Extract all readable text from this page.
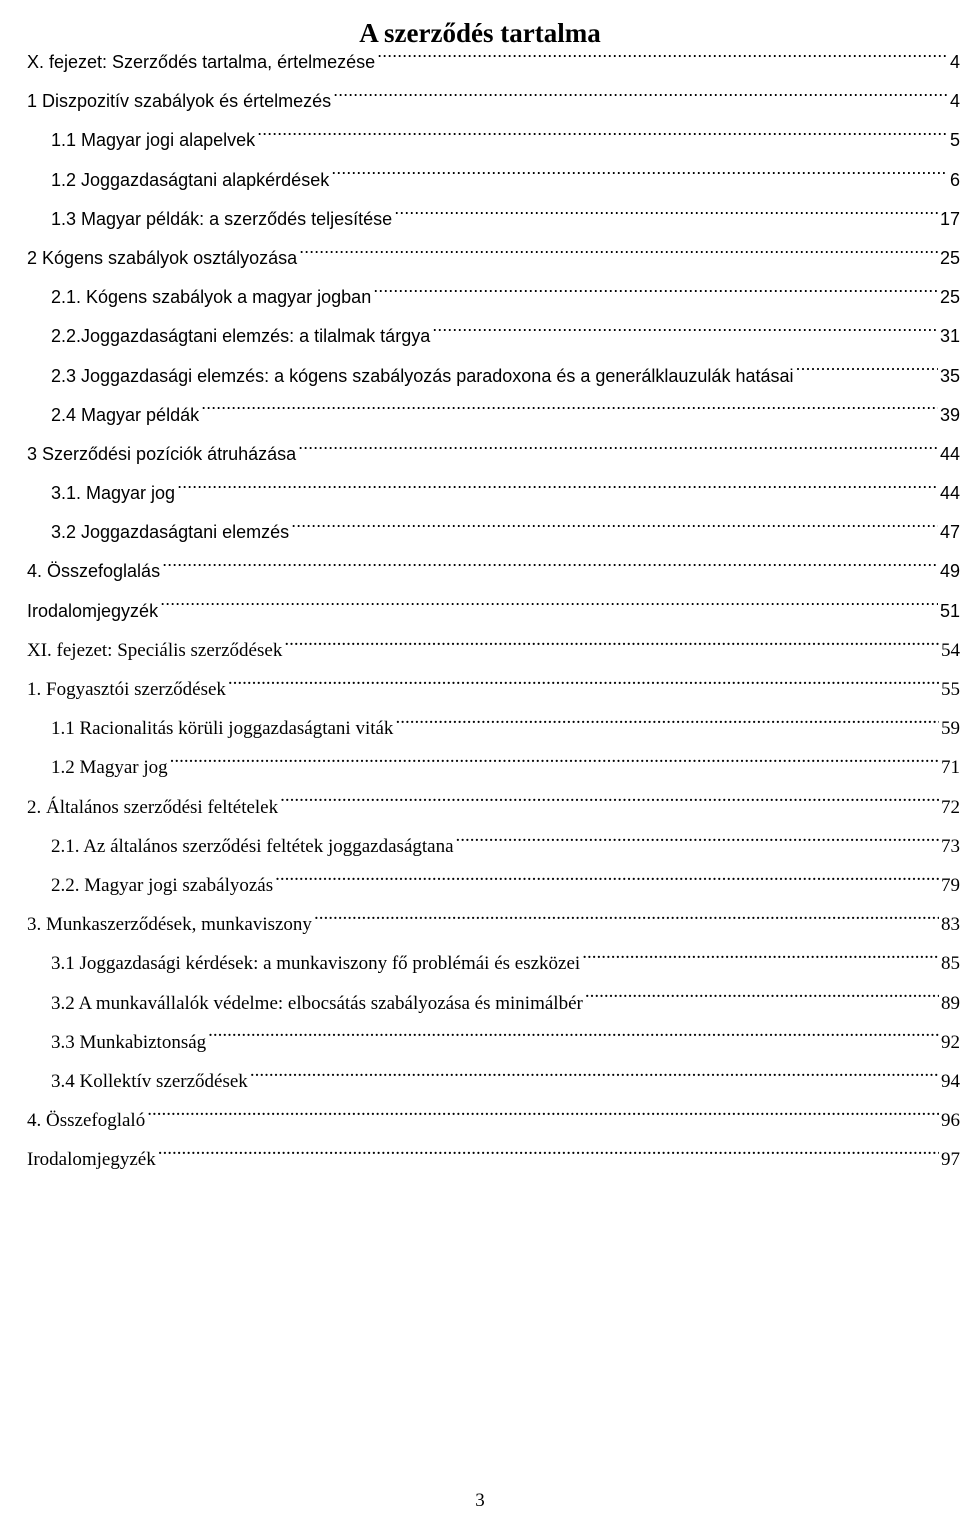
A szerződés tartalma
X. fejezet: Szerződés tartalma, értelmezése .....	4
1 Diszpozitív szabályok és értelmezés .....	4
1.1 Magyar jogi alapelvek .....	5
1.2 Joggazdaságtani alapkérdések .....	6
1.3 Magyar példák: a szerződés teljesítése .....	17
2 Kógens szabályok osztályozása .....	25
2.1. Kógens szabályok a magyar jogban .....	25
2.2.Joggazdaságtani elemzés: a tilalmak tárgya .....	31
2.3 Joggazdasági elemzés: a kógens szabályozás paradoxona és a generálklauzulák hatásai .....	35
2.4 Magyar példák .....	39
3 Szerződési pozíciók átruházása .....	44
3.1. Magyar jog .....	44
3.2 Joggazdaságtani elemzés .....	47
4. Összefoglalás .....	49
Irodalomjegyzék .....	51
XI. fejezet: Speciális szerződések .....	54
1. Fogyasztói szerződések .....	55
1.1 Racionalitás körüli joggazdaságtani viták .....	59
1.2 Magyar jog .....	71
2. Általános szerződési feltételek .....	72
2.1. Az általános szerződési feltétek joggazdaságtana .....	73
2.2. Magyar jogi szabályozás .....	79
3. Munkaszerződések, munkaviszony .....	83
3.1 Joggazdasági kérdések: a munkaviszony fő problémái és eszközei .....	85
3.2 A munkavállalók védelme: elbocsátás szabályozása és minimálbér .....	89
3.3 Munkabiztonság .....	92
3.4 Kollektív szerződések .....	94
4. Összefoglaló .....	96
Irodalomjegyzék .....	97
3
